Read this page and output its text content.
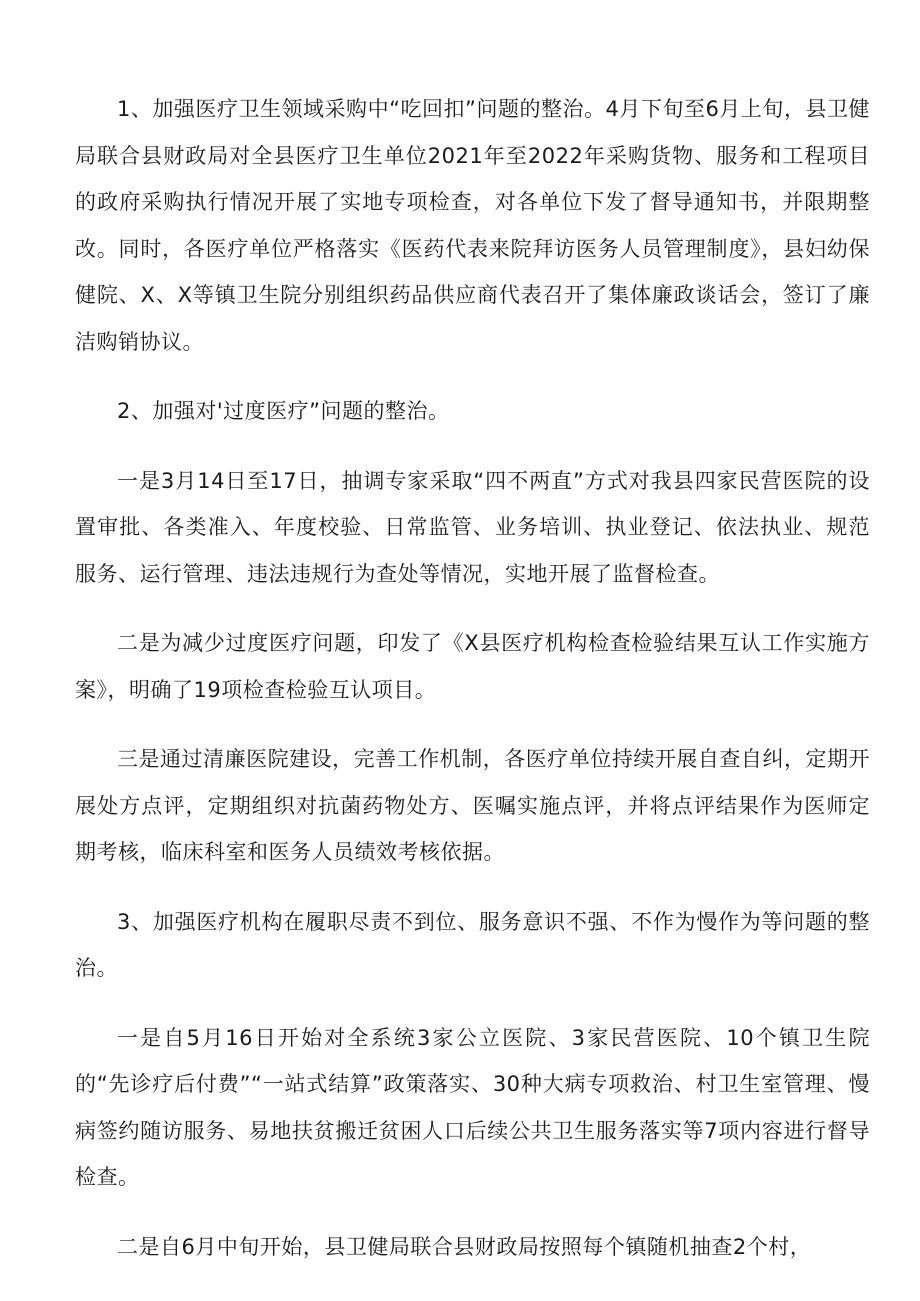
1、加强医疗卫生领域采购中“吃回扣”问题的整治。4月下旬至6月上旬，县卫健局联合县财政局对全县医疗卫生单位2021年至2022年采购货物、服务和工程项目的政府采购执行情况开展了实地专项检查，对各单位下发了督导通知书，并限期整改。同时，各医疗单位严格落实《医药代表来院拜访医务人员管理制度》，县妇幼保健院、X、X等镇卫生院分别组织药品供应商代表召开了集体廉政谈话会，签订了廉洁购销协议。

2、加强对'过度医疗”问题的整治。

一是3月14日至17日，抽调专家采取“四不两直”方式对我县四家民营医院的设置审批、各类准入、年度校验、日常监管、业务培训、执业登记、依法执业、规范服务、运行管理、违法违规行为查处等情况，实地开展了监督检查。

二是为减少过度医疗问题，印发了《X县医疗机构检查检验结果互认工作实施方案》，明确了19项检查检验互认项目。

三是通过清廉医院建设，完善工作机制，各医疗单位持续开展自查自纠，定期开展处方点评，定期组织对抗菌药物处方、医嘱实施点评，并将点评结果作为医师定期考核，临床科室和医务人员绩效考核依据。

3、加强医疗机构在履职尽责不到位、服务意识不强、不作为慢作为等问题的整治。

一是自5月16日开始对全系统3家公立医院、3家民营医院、10个镇卫生院的“先诊疗后付费”“一站式结算”政策落实、30种大病专项救治、村卫生室管理、慢病签约随访服务、易地扶贫搬迁贫困人口后续公共卫生服务落实等7项内容进行督导检查。

二是自6月中旬开始，县卫健局联合县财政局按照每个镇随机抽查2个村，
